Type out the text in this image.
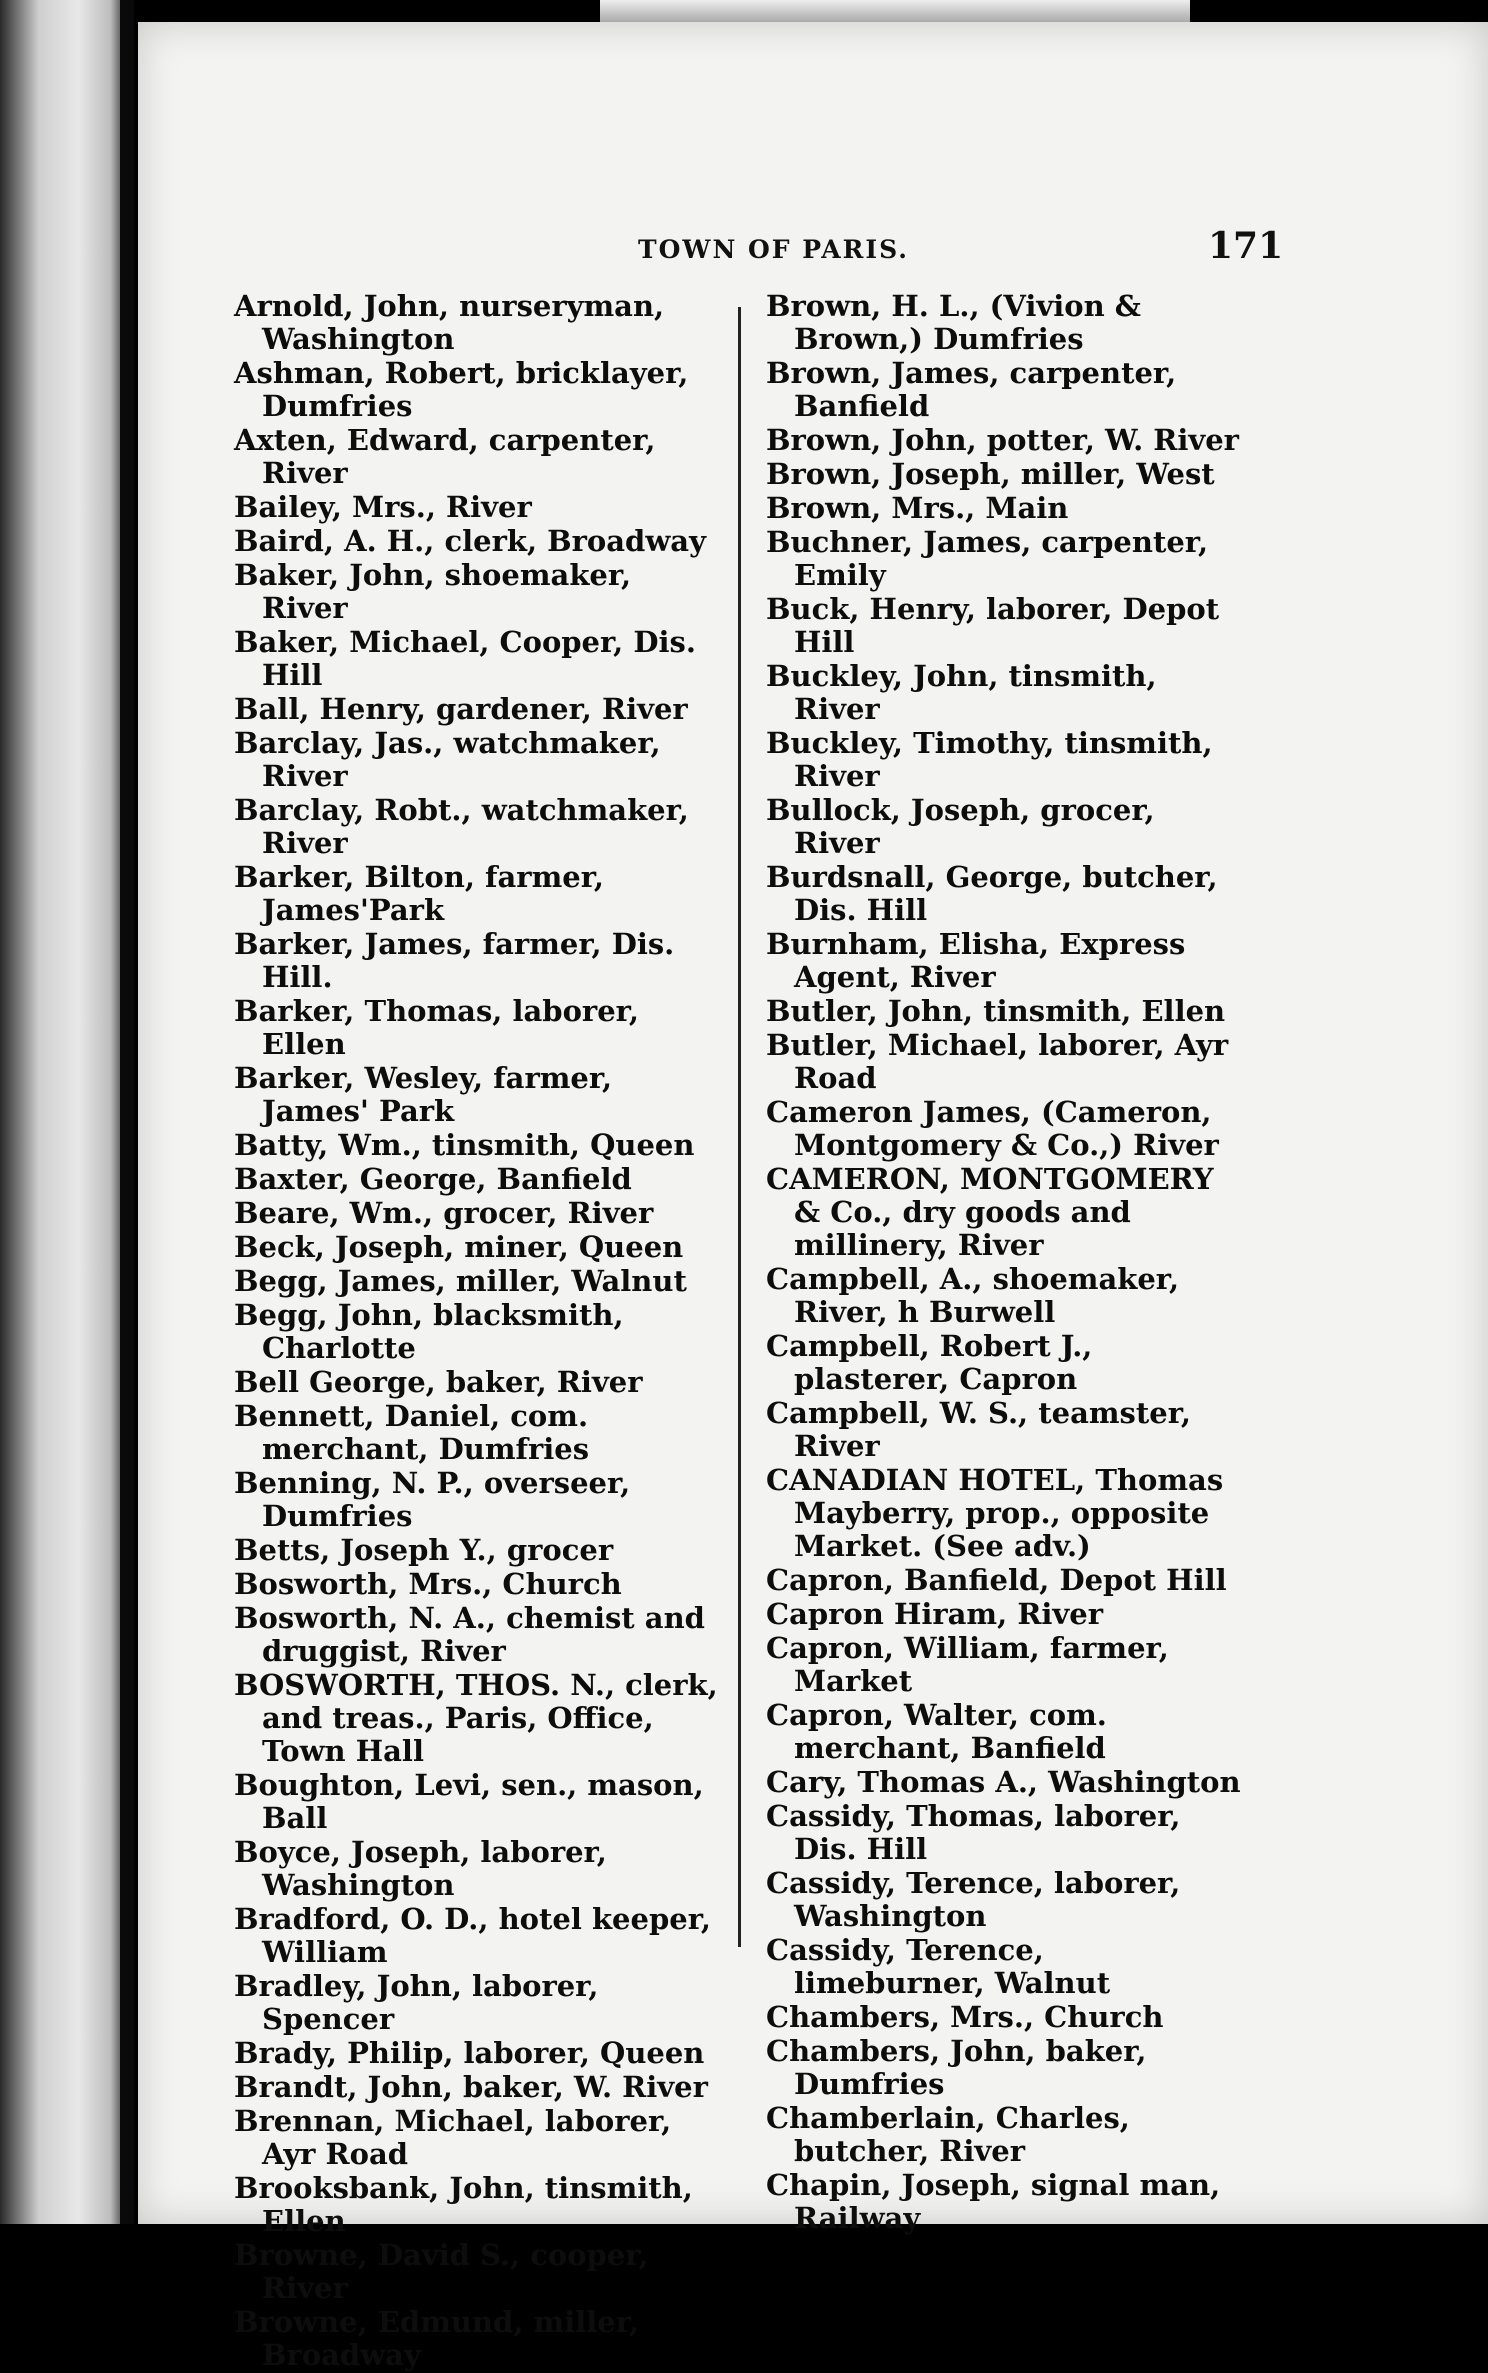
TOWN OF PARIS.	171
Arnold, John, nurseryman, Washington
Ashman, Robert, bricklayer, Dumfries
Axten, Edward, carpenter, River
Bailey, Mrs., River
Baird, A. H., clerk, Broadway
Baker, John, shoemaker, River
Baker, Michael, Cooper, Dis. Hill
Ball, Henry, gardener, River
Barclay, Jas., watchmaker, River
Barclay, Robt., watchmaker, River
Barker, Bilton, farmer, James'Park
Barker, James, farmer, Dis. Hill.
Barker, Thomas, laborer, Ellen
Barker, Wesley, farmer, James' Park
Batty, Wm., tinsmith, Queen
Baxter, George, Banfield
Beare, Wm., grocer, River
Beck, Joseph, miner, Queen
Begg, James, miller, Walnut
Begg, John, blacksmith, Charlotte
Bell George, baker, River
Bennett, Daniel, com. merchant, Dumfries
Benning, N. P., overseer, Dumfries
Betts, Joseph Y., grocer
Bosworth, Mrs., Church
Bosworth, N. A., chemist and druggist, River
BOSWORTH, THOS. N., clerk, and treas., Paris, Office, Town Hall
Boughton, Levi, sen., mason, Ball
Boyce, Joseph, laborer, Washington
Bradford, O. D., hotel keeper, William
Bradley, John, laborer, Spencer
Brady, Philip, laborer, Queen
Brandt, John, baker, W. River
Brennan, Michael, laborer, Ayr Road
Brooksbank, John, tinsmith, Ellen
Browne, David S., cooper, River
Browne, Edmund, miller, Broadway
Brown, H. L., (Vivion & Brown,) Dumfries
Brown, James, carpenter, Banfield
Brown, John, potter, W. River
Brown, Joseph, miller, West
Brown, Mrs., Main
Buchner, James, carpenter, Emily
Buck, Henry, laborer, Depot Hill
Buckley, John, tinsmith, River
Buckley, Timothy, tinsmith, River
Bullock, Joseph, grocer, River
Burdsnall, George, butcher, Dis. Hill
Burnham, Elisha, Express Agent, River
Butler, John, tinsmith, Ellen
Butler, Michael, laborer, Ayr Road
Cameron James, (Cameron, Montgomery & Co.,) River
CAMERON, MONTGOMERY & Co., dry goods and millinery, River
Campbell, A., shoemaker, River, h Burwell
Campbell, Robert J., plasterer, Capron
Campbell, W. S., teamster, River
CANADIAN HOTEL, Thomas Mayberry, prop., opposite Market. (See adv.)
Capron, Banfield, Depot Hill
Capron Hiram, River
Capron, William, farmer, Market
Capron, Walter, com. merchant, Banfield
Cary, Thomas A., Washington
Cassidy, Thomas, laborer, Dis. Hill
Cassidy, Terence, laborer, Washington
Cassidy, Terence, limeburner, Walnut
Chambers, Mrs., Church
Chambers, John, baker, Dumfries
Chamberlain, Charles, butcher, River
Chapin, Joseph, signal man, Railway
